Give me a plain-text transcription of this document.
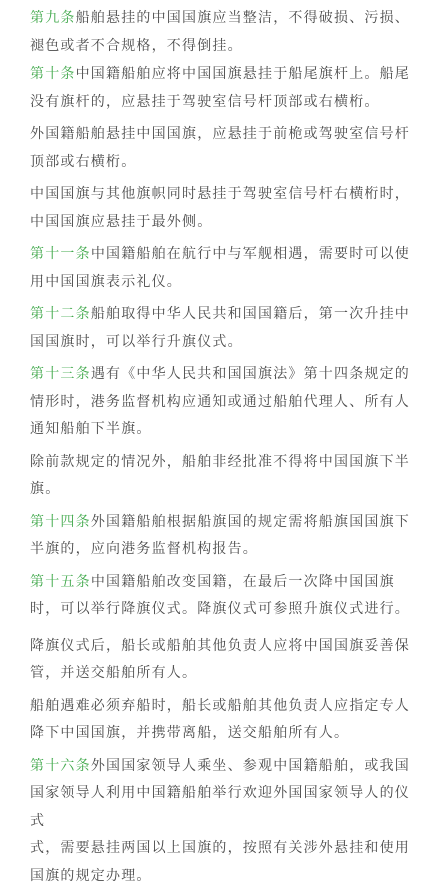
第九条船舶悬挂的中国国旗应当整洁，不得破损、污损、
褪色或者不合规格，不得倒挂。

第十条中国籍船舶应将中国国旗悬挂于船尾旗杆上。船尾
没有旗杆的，应悬挂于驾驶室信号杆顶部或右横桁。

外国籍船舶悬挂中国国旗，应悬挂于前桅或驾驶室信号杆
顶部或右横桁。

中国国旗与其他旗帜同时悬挂于驾驶室信号杆右横桁时，
中国国旗应悬挂于最外侧。

第十一条中国籍船舶在航行中与军舰相遇，需要时可以使
用中国国旗表示礼仪。

第十二条船舶取得中华人民共和国国籍后，第一次升挂中
国国旗时，可以举行升旗仪式。

第十三条遇有《中华人民共和国国旗法》第十四条规定的
情形时，港务监督机构应通知或通过船舶代理人、所有人
通知船舶下半旗。

除前款规定的情况外，船舶非经批准不得将中国国旗下半
旗。

第十四条外国籍船舶根据船旗国的规定需将船旗国国旗下
半旗的，应向港务监督机构报告。

第十五条中国籍船舶改变国籍，在最后一次降中国国旗
时，可以举行降旗仪式。降旗仪式可参照升旗仪式进行。

降旗仪式后，船长或船舶其他负责人应将中国国旗妥善保
管，并送交船舶所有人。

船舶遇难必须弃船时，船长或船舶其他负责人应指定专人
降下中国国旗，并携带离船，送交船舶所有人。

第十六条外国国家领导人乘坐、参观中国籍船舶，或我国
国家领导人利用中国籍船舶举行欢迎外国国家领导人的仪式
式，需要悬挂两国以上国旗的，按照有关涉外悬挂和使用
国旗的规定办理。
